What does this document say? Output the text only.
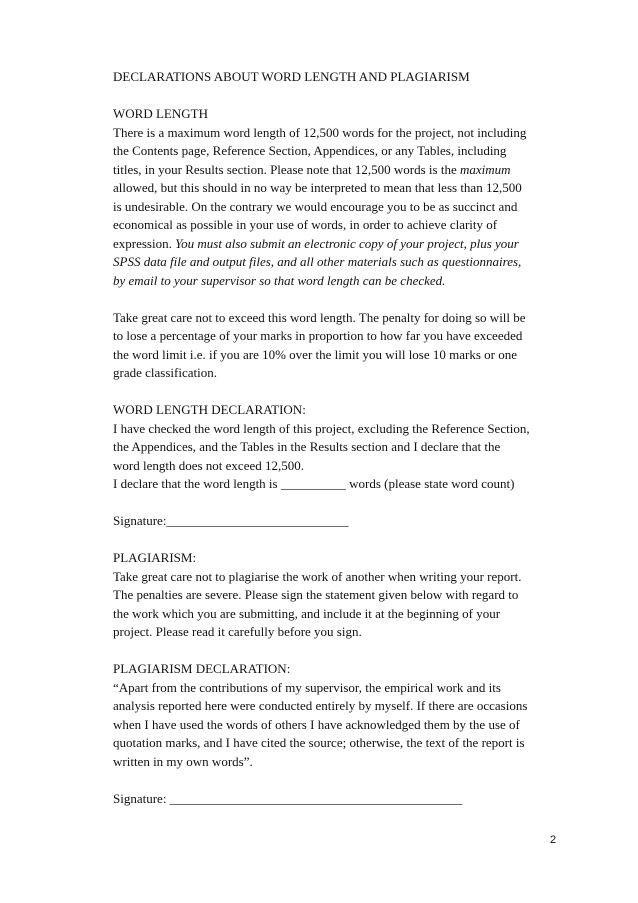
DECLARATIONS ABOUT WORD LENGTH AND PLAGIARISM
WORD LENGTH
There is a maximum word length of 12,500 words for the project, not including
the Contents page, Reference Section, Appendices, or any Tables, including
titles, in your Results section. Please note that 12,500 words is the maximum
allowed, but this should in no way be interpreted to mean that less than 12,500
is undesirable. On the contrary we would encourage you to be as succinct and
economical as possible in your use of words, in order to achieve clarity of
expression. You must also submit an electronic copy of your project, plus your
SPSS data file and output files, and all other materials such as questionnaires,
by email to your supervisor so that word length can be checked.
Take great care not to exceed this word length. The penalty for doing so will be
to lose a percentage of your marks in proportion to how far you have exceeded
the word limit i.e. if you are 10% over the limit you will lose 10 marks or one
grade classification.
WORD LENGTH DECLARATION:
I have checked the word length of this project, excluding the Reference Section,
the Appendices, and the Tables in the Results section and I declare that the
word length does not exceed 12,500.
I declare that the word length is __________ words (please state word count)
Signature:____________________________
PLAGIARISM:
Take great care not to plagiarise the work of another when writing your report.
The penalties are severe. Please sign the statement given below with regard to
the work which you are submitting, and include it at the beginning of your
project. Please read it carefully before you sign.
PLAGIARISM DECLARATION:
“Apart from the contributions of my supervisor, the empirical work and its
analysis reported here were conducted entirely by myself. If there are occasions
when I have used the words of others I have acknowledged them by the use of
quotation marks, and I have cited the source; otherwise, the text of the report is
written in my own words”.
Signature: _____________________________________________
2
